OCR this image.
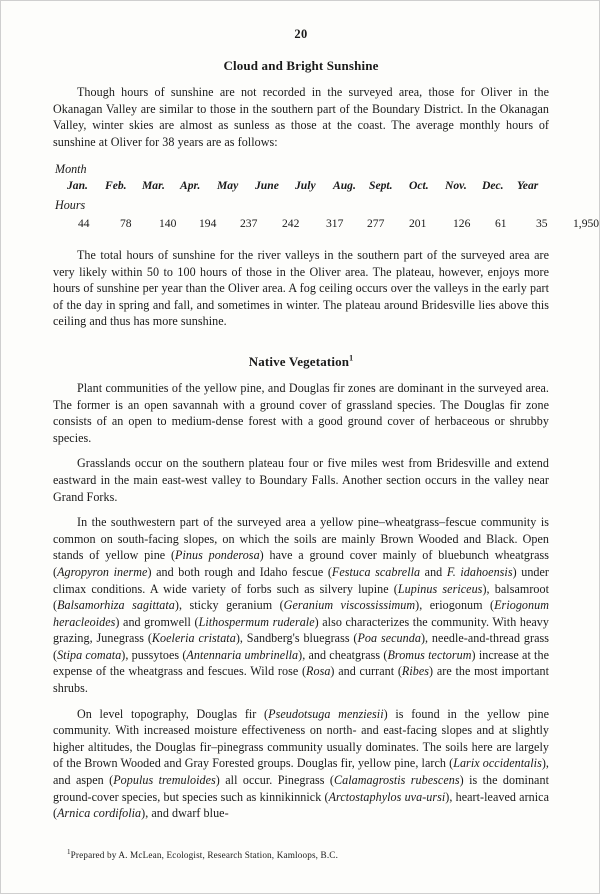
20
Cloud and Bright Sunshine

Though hours of sunshine are not recorded in the surveyed area, those for Oliver in the Okanagan Valley are similar to those in the southern part of the Boundary District. In the Okanagan Valley, winter skies are almost as sunless as those at the coast. The average monthly hours of sunshine at Oliver for 38 years are as follows:

Month
Jan.	Feb.	Mar.	Apr.	May	June	July	Aug.	Sept.	Oct.	Nov.	Dec.	Year
Hours
44	78	140	194	237	242	317	277	201	126	61	35	1,950

The total hours of sunshine for the river valleys in the southern part of the surveyed area are very likely within 50 to 100 hours of those in the Oliver area. The plateau, however, enjoys more hours of sunshine per year than the Oliver area. A fog ceiling occurs over the valleys in the early part of the day in spring and fall, and sometimes in winter. The plateau around Bridesville lies above this ceiling and thus has more sunshine.

Native Vegetation$^1$

Plant communities of the yellow pine, and Douglas fir zones are dominant in the surveyed area. The former is an open savannah with a ground cover of grassland species. The Douglas fir zone consists of an open to medium-dense forest with a good ground cover of herbaceous or shrubby species.

Grasslands occur on the southern plateau four or five miles west from Bridesville and extend eastward in the main east-west valley to Boundary Falls. Another section occurs in the valley near Grand Forks.

In the southwestern part of the surveyed area a yellow pine–wheatgrass–fescue community is common on south-facing slopes, on which the soils are mainly Brown Wooded and Black. Open stands of yellow pine (Pinus ponderosa) have a ground cover mainly of bluebunch wheatgrass (Agropyron inerme) and both rough and Idaho fescue (Festuca scabrella and F. idahoensis) under climax conditions. A wide variety of forbs such as silvery lupine (Lupinus sericeus), balsamroot (Balsamorhiza sagittata), sticky geranium (Geranium viscossissimum), eriogonum (Eriogonum heracleoides) and gromwell (Lithospermum ruderale) also characterizes the community. With heavy grazing, Junegrass (Koeleria cristata), Sandberg's bluegrass (Poa secunda), needle-and-thread grass (Stipa comata), pussytoes (Antennaria umbrinella), and cheatgrass (Bromus tectorum) increase at the expense of the wheatgrass and fescues. Wild rose (Rosa) and currant (Ribes) are the most important shrubs.

On level topography, Douglas fir (Pseudotsuga menziesii) is found in the yellow pine community. With increased moisture effectiveness on north- and east-facing slopes and at slightly higher altitudes, the Douglas fir–pinegrass community usually dominates. The soils here are largely of the Brown Wooded and Gray Forested groups. Douglas fir, yellow pine, larch (Larix occidentalis), and aspen (Populus tremuloides) all occur. Pinegrass (Calamagrostis rubescens) is the dominant ground-cover species, but species such as kinnikinnick (Arctostaphylos uva-ursi), heart-leaved arnica (Arnica cordifolia), and dwarf blue-

$^1$Prepared by A. McLean, Ecologist, Research Station, Kamloops, B.C.
